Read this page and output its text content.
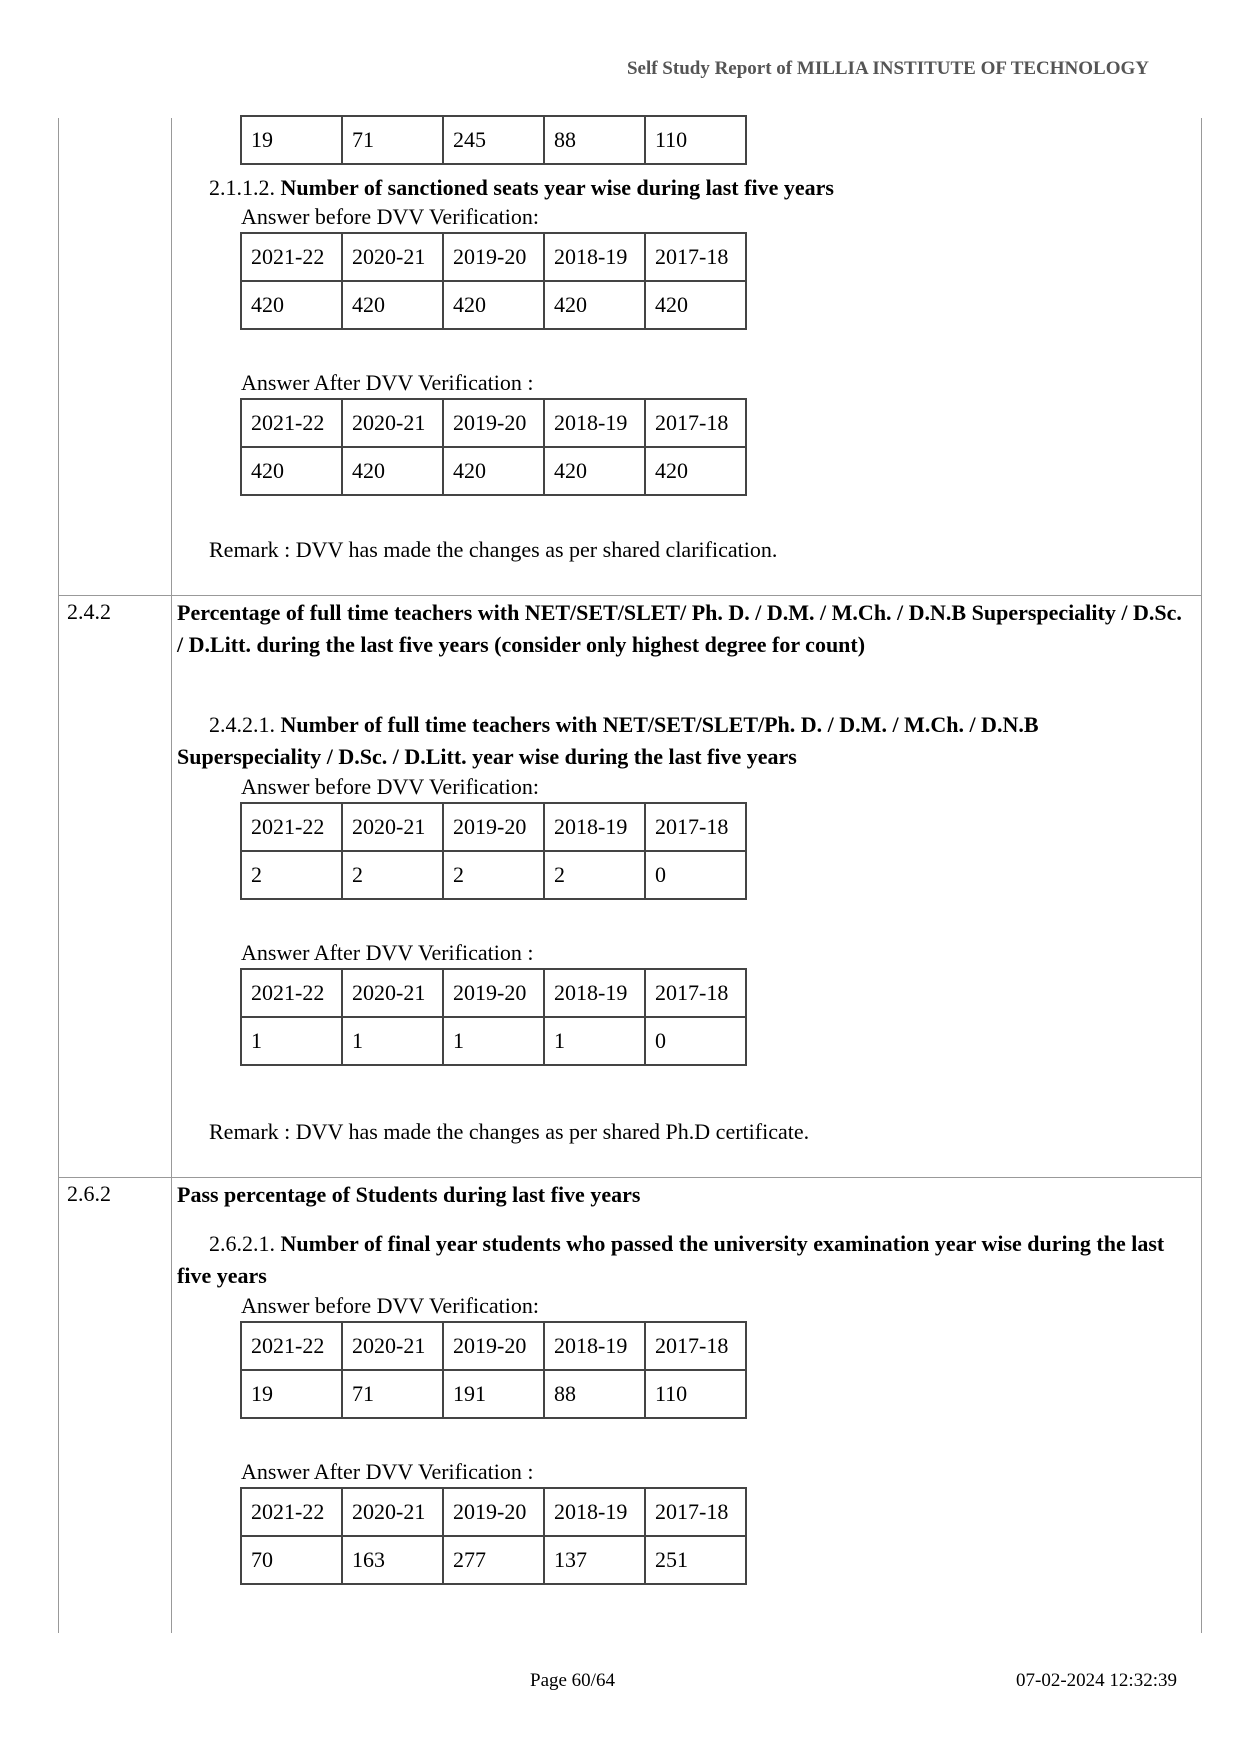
Self Study Report of MILLIA INSTITUTE OF TECHNOLOGY
19	71	245	88	110
2.1.1.2. Number of sanctioned seats year wise during last five years
Answer before DVV Verification:
2021-22	2020-21	2019-20	2018-19	2017-18
420	420	420	420	420
Answer After DVV Verification :
2021-22	2020-21	2019-20	2018-19	2017-18
420	420	420	420	420
Remark : DVV has made the changes as per shared clarification.
2.4.2	Percentage of full time teachers with NET/SET/SLET/ Ph. D. / D.M. / M.Ch. / D.N.B Superspeciality / D.Sc. / D.Litt. during the last five years (consider only highest degree for count)
2.4.2.1. Number of full time teachers with NET/SET/SLET/Ph. D. / D.M. / M.Ch. / D.N.B Superspeciality / D.Sc. / D.Litt. year wise during the last five years
Answer before DVV Verification:
2021-22	2020-21	2019-20	2018-19	2017-18
2	2	2	2	0
Answer After DVV Verification :
2021-22	2020-21	2019-20	2018-19	2017-18
1	1	1	1	0
Remark : DVV has made the changes as per shared Ph.D certificate.
2.6.2	Pass percentage of Students during last five years
2.6.2.1. Number of final year students who passed the university examination year wise during the last five years
Answer before DVV Verification:
2021-22	2020-21	2019-20	2018-19	2017-18
19	71	191	88	110
Answer After DVV Verification :
2021-22	2020-21	2019-20	2018-19	2017-18
70	163	277	137	251
Page 60/64	07-02-2024 12:32:39
